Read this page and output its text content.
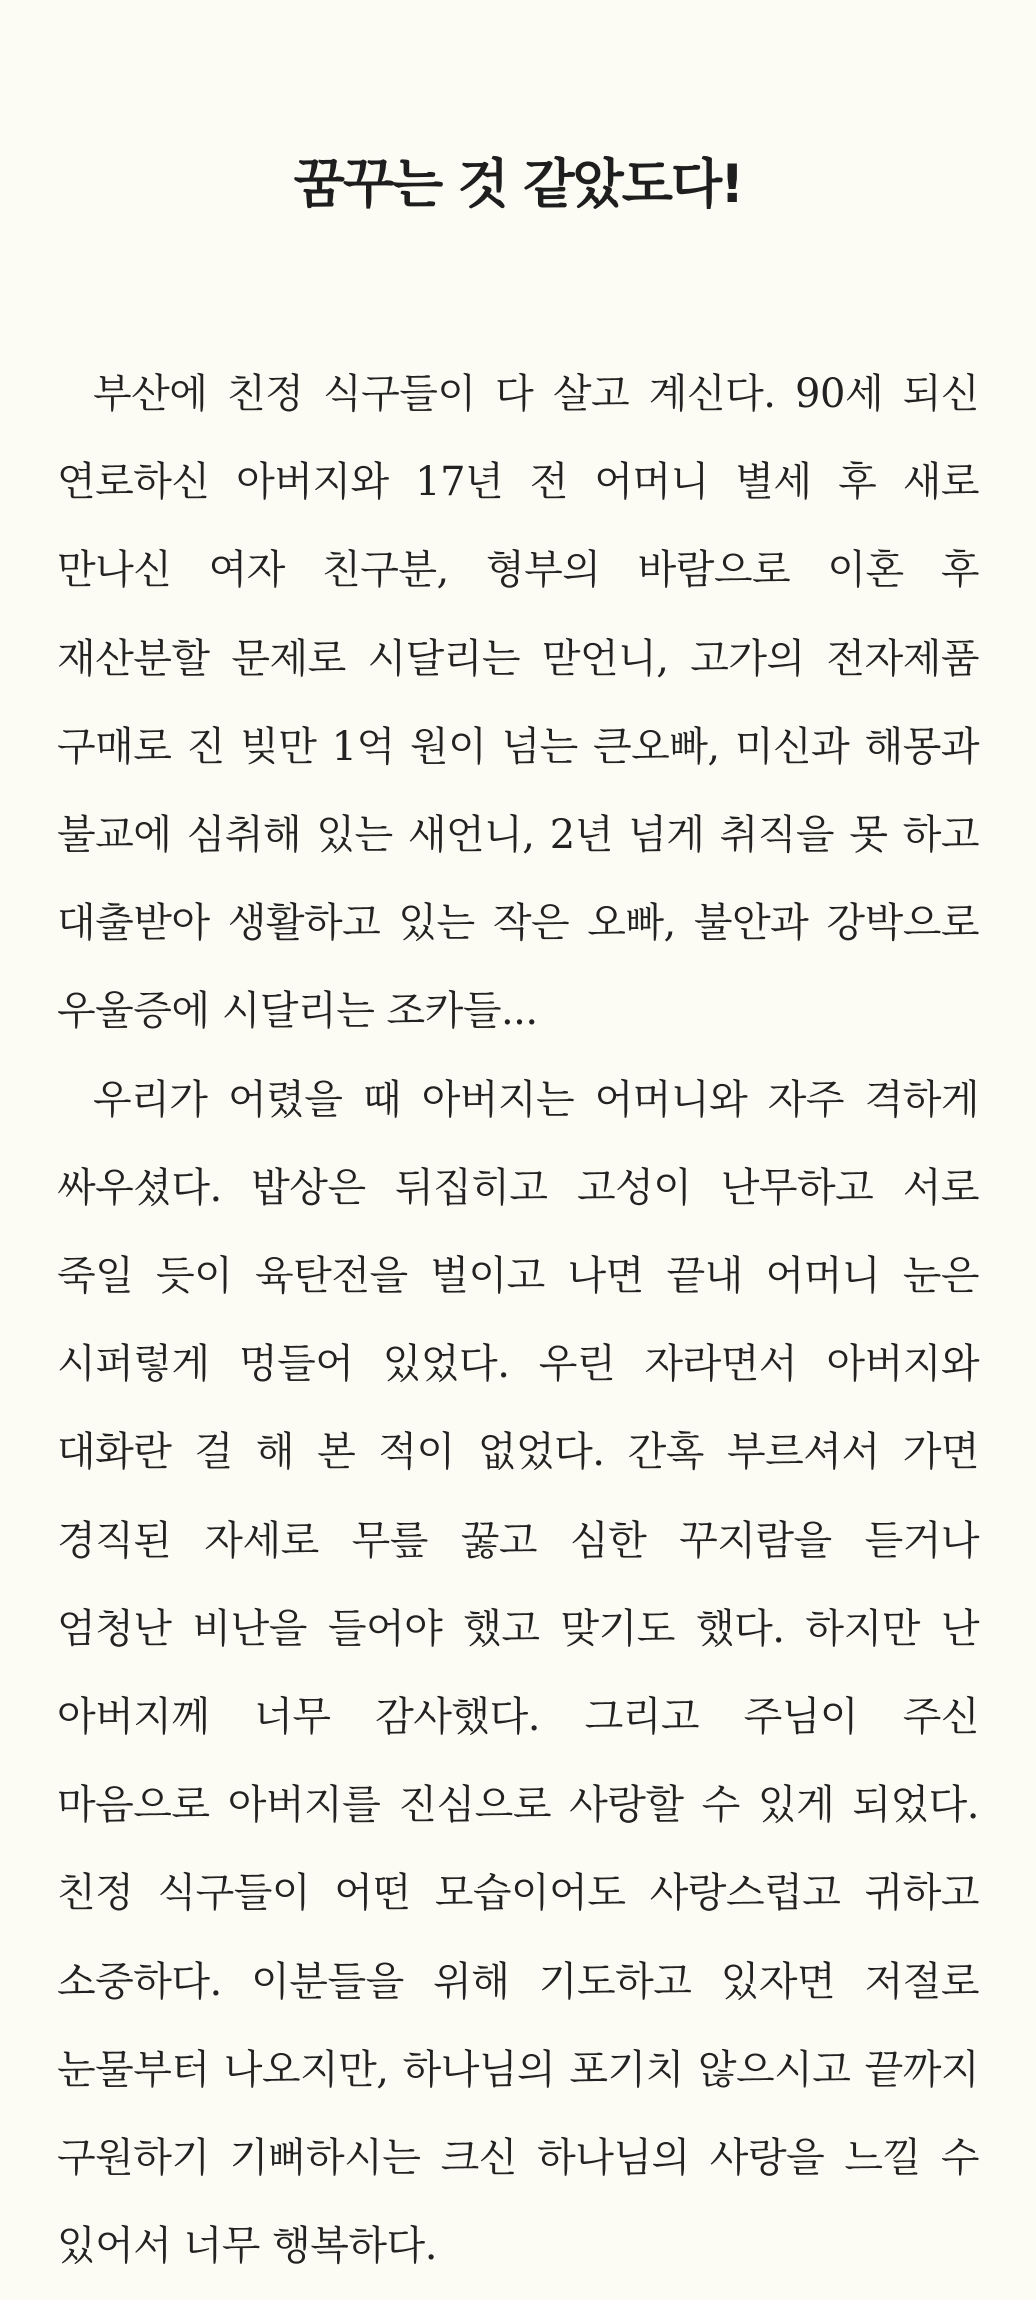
꿈꾸는 것 같았도다!

부산에 친정 식구들이 다 살고 계신다. 90세 되신 연로하신 아버지와 17년 전 어머니 별세 후 새로 만나신 여자 친구분, 형부의 바람으로 이혼 후 재산분할 문제로 시달리는 맏언니, 고가의 전자제품 구매로 진 빚만 1억 원이 넘는 큰오빠, 미신과 해몽과 불교에 심취해 있는 새언니, 2년 넘게 취직을 못 하고 대출받아 생활하고 있는 작은 오빠, 불안과 강박으로 우울증에 시달리는 조카들...

우리가 어렸을 때 아버지는 어머니와 자주 격하게 싸우셨다. 밥상은 뒤집히고 고성이 난무하고 서로 죽일 듯이 육탄전을 벌이고 나면 끝내 어머니 눈은 시퍼렇게 멍들어 있었다. 우린 자라면서 아버지와 대화란 걸 해 본 적이 없었다. 간혹 부르셔서 가면 경직된 자세로 무릎 꿇고 심한 꾸지람을 듣거나 엄청난 비난을 들어야 했고 맞기도 했다. 하지만 난 아버지께 너무 감사했다. 그리고 주님이 주신 마음으로 아버지를 진심으로 사랑할 수 있게 되었다. 친정 식구들이 어떤 모습이어도 사랑스럽고 귀하고 소중하다. 이분들을 위해 기도하고 있자면 저절로 눈물부터 나오지만, 하나님의 포기치 않으시고 끝까지 구원하기 기뻐하시는 크신 하나님의 사랑을 느낄 수 있어서 너무 행복하다.
